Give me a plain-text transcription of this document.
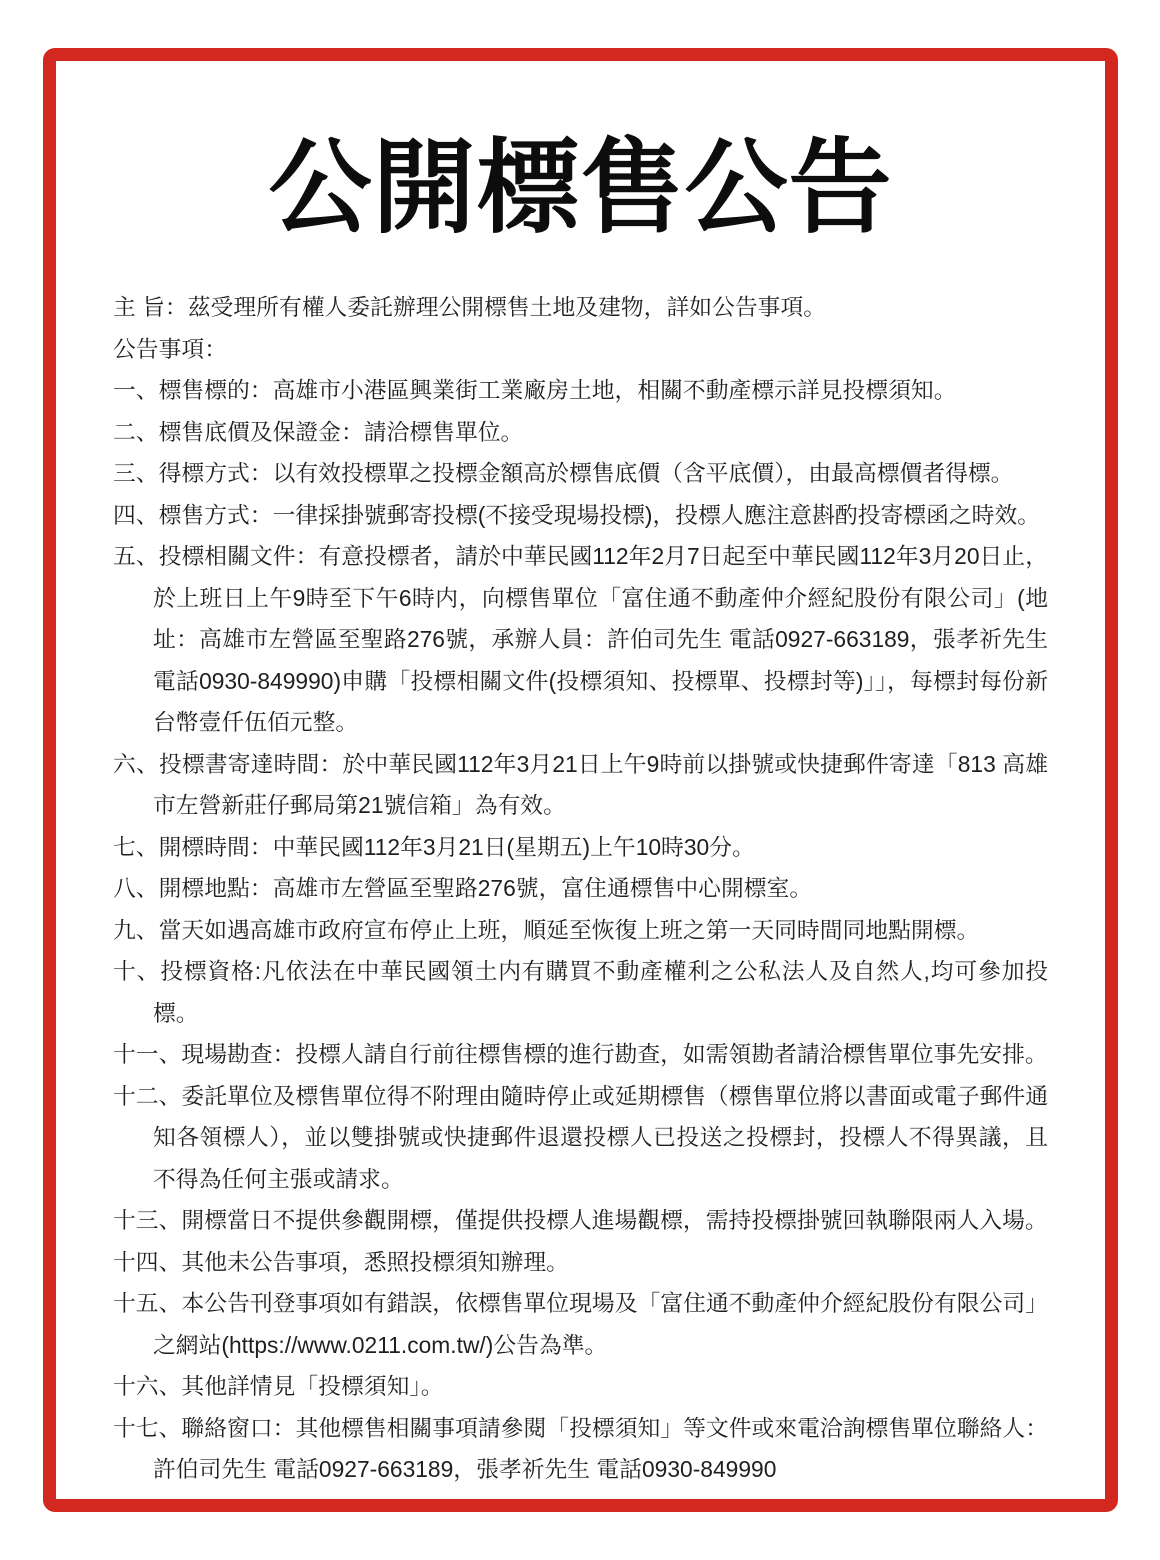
公開標售公告

主 旨：茲受理所有權人委託辦理公開標售土地及建物，詳如公告事項。

公告事項：

一、標售標的：高雄市小港區興業街工業廠房土地，相關不動產標示詳見投標須知。

二、標售底價及保證金：請洽標售單位。

三、得標方式：以有效投標單之投標金額高於標售底價（含平底價），由最高標價者得標。

四、標售方式：一律採掛號郵寄投標(不接受現場投標)，投標人應注意斟酌投寄標函之時效。

五、投標相關文件：有意投標者，請於中華民國112年2月7日起至中華民國112年3月20日止，於上班日上午9時至下午6時内，向標售單位「富住通不動產仲介經紀股份有限公司」(地址：高雄市左營區至聖路276號，承辦人員：許伯司先生 電話0927-663189，張孝祈先生 電話0930-849990)申購「投標相關文件(投標須知、投標單、投標封等)」」，每標封每份新台幣壹仟伍佰元整。

六、投標書寄達時間：於中華民國112年3月21日上午9時前以掛號或快捷郵件寄達「813 高雄市左營新莊仔郵局第21號信箱」為有效。

七、開標時間：中華民國112年3月21日(星期五)上午10時30分。

八、開標地點：高雄市左營區至聖路276號，富住通標售中心開標室。

九、當天如遇高雄市政府宣布停止上班，順延至恢復上班之第一天同時間同地點開標。

十、投標資格:凡依法在中華民國領土内有購買不動產權利之公私法人及自然人,均可參加投標。

十一、現場勘查：投標人請自行前往標售標的進行勘查，如需領勘者請洽標售單位事先安排。

十二、委託單位及標售單位得不附理由隨時停止或延期標售（標售單位將以書面或電子郵件通知各領標人），並以雙掛號或快捷郵件退還投標人已投送之投標封，投標人不得異議，且不得為任何主張或請求。

十三、開標當日不提供參觀開標，僅提供投標人進場觀標，需持投標掛號回執聯限兩人入場。

十四、其他未公告事項，悉照投標須知辦理。

十五、本公告刊登事項如有錯誤，依標售單位現場及「富住通不動產仲介經紀股份有限公司」之網站(https://www.0211.com.tw/)公告為準。

十六、其他詳情見「投標須知」。

十七、聯絡窗口：其他標售相關事項請參閱「投標須知」等文件或來電洽詢標售單位聯絡人：許伯司先生 電話0927-663189，張孝祈先生 電話0930-849990
